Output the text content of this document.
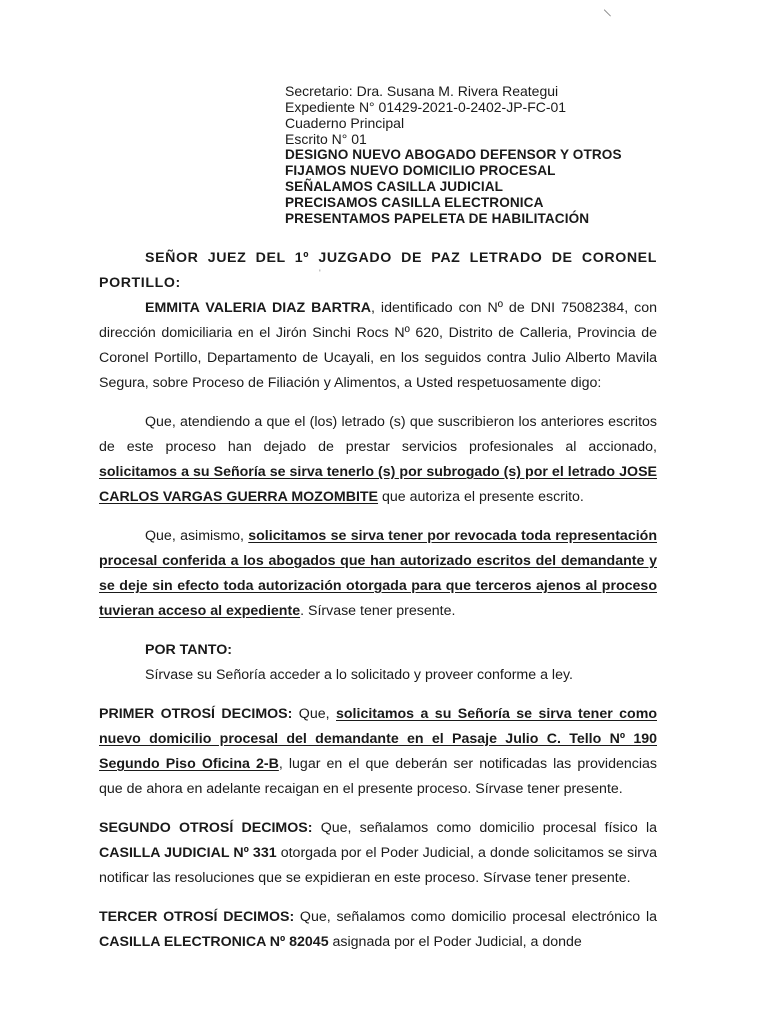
/
'
Secretario: Dra. Susana M. Rivera Reategui
Expediente N° 01429-2021-0-2402-JP-FC-01
Cuaderno Principal
Escrito N° 01
DESIGNO NUEVO ABOGADO DEFENSOR Y OTROS
FIJAMOS NUEVO DOMICILIO PROCESAL
SEÑALAMOS CASILLA JUDICIAL
PRECISAMOS CASILLA ELECTRONICA
PRESENTAMOS PAPELETA DE HABILITACIÓN

SEÑOR JUEZ DEL 1º JUZGADO DE PAZ LETRADO DE CORONEL PORTILLO:

EMMITA VALERIA DIAZ BARTRA, identificado con Nº de DNI 75082384, con dirección domiciliaria en el Jirón Sinchi Rocs Nº 620, Distrito de Calleria, Provincia de Coronel Portillo, Departamento de Ucayali, en los seguidos contra Julio Alberto Mavila Segura, sobre Proceso de Filiación y Alimentos, a Usted respetuosamente digo:

Que, atendiendo a que el (los) letrado (s) que suscribieron los anteriores escritos de este proceso han dejado de prestar servicios profesionales al accionado, solicitamos a su Señoría se sirva tenerlo (s) por subrogado (s) por el letrado JOSE CARLOS VARGAS GUERRA MOZOMBITE que autoriza el presente escrito.

Que, asimismo, solicitamos se sirva tener por revocada toda representación procesal conferida a los abogados que han autorizado escritos del demandante y se deje sin efecto toda autorización otorgada para que terceros ajenos al proceso tuvieran acceso al expediente. Sírvase tener presente.

POR TANTO:

Sírvase su Señoría acceder a lo solicitado y proveer conforme a ley.

PRIMER OTROSÍ DECIMOS: Que, solicitamos a su Señoría se sirva tener como nuevo domicilio procesal del demandante en el Pasaje Julio C. Tello Nº 190 Segundo Piso Oficina 2-B, lugar en el que deberán ser notificadas las providencias que de ahora en adelante recaigan en el presente proceso. Sírvase tener presente.

SEGUNDO OTROSÍ DECIMOS: Que, señalamos como domicilio procesal físico la CASILLA JUDICIAL Nº 331 otorgada por el Poder Judicial, a donde solicitamos se sirva notificar las resoluciones que se expidieran en este proceso. Sírvase tener presente.

TERCER OTROSÍ DECIMOS: Que, señalamos como domicilio procesal electrónico la CASILLA ELECTRONICA Nº 82045 asignada por el Poder Judicial, a donde
